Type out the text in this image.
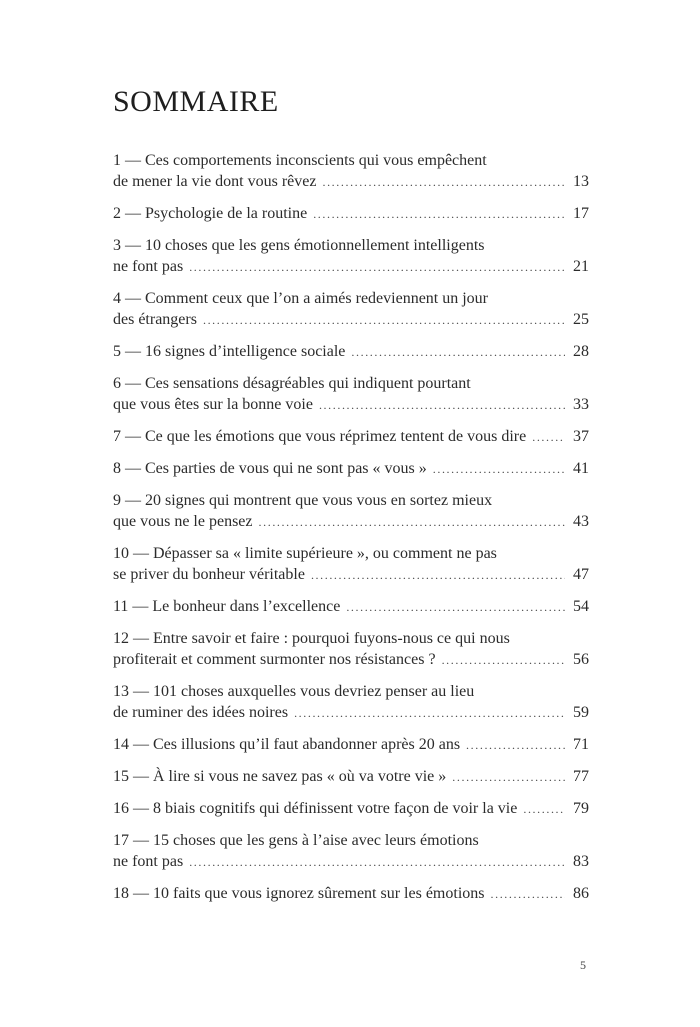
SOMMAIRE
1 — Ces comportements inconscients qui vous empêchent
de mener la vie dont vous rêvez .....	13
2 — Psychologie de la routine .....	17
3 — 10 choses que les gens émotionnellement intelligents
ne font pas .....	21
4 — Comment ceux que l’on a aimés redeviennent un jour
des étrangers .....	25
5 — 16 signes d’intelligence sociale .....	28
6 — Ces sensations désagréables qui indiquent pourtant
que vous êtes sur la bonne voie .....	33
7 — Ce que les émotions que vous réprimez tentent de vous dire .....	37
8 — Ces parties de vous qui ne sont pas « vous » .....	41
9 — 20 signes qui montrent que vous vous en sortez mieux
que vous ne le pensez .....	43
10 — Dépasser sa « limite supérieure », ou comment ne pas
se priver du bonheur véritable .....	47
11 — Le bonheur dans l’excellence .....	54
12 — Entre savoir et faire : pourquoi fuyons-nous ce qui nous
profiterait et comment surmonter nos résistances ? .....	56
13 — 101 choses auxquelles vous devriez penser au lieu
de ruminer des idées noires .....	59
14 — Ces illusions qu’il faut abandonner après 20 ans .....	71
15 — À lire si vous ne savez pas « où va votre vie » .....	77
16 — 8 biais cognitifs qui définissent votre façon de voir la vie .....	79
17 — 15 choses que les gens à l’aise avec leurs émotions
ne font pas .....	83
18 — 10 faits que vous ignorez sûrement sur les émotions .....	86
5
